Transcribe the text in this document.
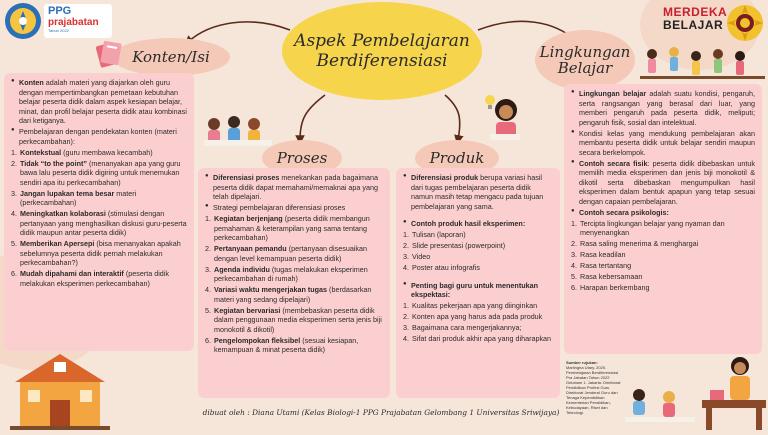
PPG
prajabatan
Tahun 2022
MERDEKA
BELAJAR
Aspek Pembelajaran
Berdiferensiasi
Konten/Isi	Lingkungan
Belajar
Proses	Produk
● Konten adalah materi yang diajarkan oleh guru dengan mempertimbangkan pemetaan kebutuhan belajar peserta didik dalam aspek kesiapan belajar, minat, dan profil belajar peserta didik atau kombinasi dari ketiganya.
● Pembelajaran dengan pendekatan konten (materi perkecambahan):
1. Kontekstual (guru membawa kecambah)
2. Tidak “to the point” (menanyakan apa yang guru bawa lalu peserta didik digiring untuk menemukan sendiri apa itu perkecambahan)
3. Jangan lupakan tema besar materi (perkecambahan)
4. Meningkatkan kolaborasi (stimulasi dengan pertanyaan yang menghasilkan diskusi guru-peserta didik maupun antar peserta didik)
5. Memberikan Apersepi (bisa menanyakan apakah sebelumnya peserta didik pernah melakukan perkecambahan?)
6. Mudah dipahami dan interaktif (peserta didik melakukan eksperimen perkecambahan)
● Diferensiasi proses menekankan pada bagaimana peserta didik dapat memahami/memaknai apa yang telah dipelajari.
● Strategi pembelajaran diferensiasi proses
1. Kegiatan berjenjang (peserta didik membangun pemahaman & keterampilan yang sama tentang perkecambahan)
2. Pertanyaan pemandu (pertanyaan disesuaikan dengan level kemampuan peserta didik)
3. Agenda individu (tugas melakukan eksperimen perkecambahan di rumah)
4. Variasi waktu mengerjakan tugas (berdasarkan materi yang sedang dipelajari)
5. Kegiatan bervariasi (membebaskan peserta didik dalam penggunaan media eksperimen serta jenis biji monokotil & dikotil)
6. Pengelompokan fleksibel (sesuai kesiapan, kemampuan & minat peserta didik)
● Diferensiasi produk berupa variasi hasil dari tugas pembelajaran peserta didik namun masih tetap mengacu pada tujuan pembelajaran yang sama.
● Contoh produk hasil eksperimen:
1. Tulisan (laporan)
2. Slide presentasi (powerpoint)
3. Video
4. Poster atau infografis
● Penting bagi guru untuk menentukan ekspektasi:
1. Kualitas pekerjaan apa yang diinginkan
2. Konten apa yang harus ada pada produk
3. Bagaimana cara mengerjakannya;
4. Sifat dari produk akhir apa yang diharapkan
● Lingkungan belajar adalah suatu kondisi, pengaruh, serta rangsangan yang berasal dari luar, yang memberi pengaruh pada peserta didik, meliputi; pengaruh fisik, sosial dan intelektual.
● Kondisi kelas yang mendukung pembelajaran akan membantu peserta didik untuk belajar sendiri maupun secara berkelompok.
● Contoh secara fisik: peserta didik dibebaskan untuk memilih media eksperimen dan jenis biji monokotil & dikotil serta dibebaskan mengumpulkan hasil eksperimen dalam bentuk apapun yang tetap sesuai dengan capaian pembelajaran.
● Contoh secara psikologis:
1. Tercipta lingkungan belajar yang nyaman dan menyenangkan
2. Rasa saling menerima & menghargai
3. Rasa keadilan
4. Rasa tertantang
5. Rasa kebersamaan
6. Harapan berkembang
Sumber rujukan:
Marlingha Utary. 2020. Pembelajaran Berdiferensiasi Pra Jabatan Tahun 2022 Gelobam 1. Jakarta: Direktorat Pendidikan Profesi Guru Direktorat Jenderal Guru dan Tenaga Kependidikan Kementerian Pendidikan, Kebudayaan, Riset dan Teknologi.
dibuat oleh : Diana Utami (Kelas Biologi-1 PPG Prajabatan Gelombang 1 Universitas Sriwijaya)
